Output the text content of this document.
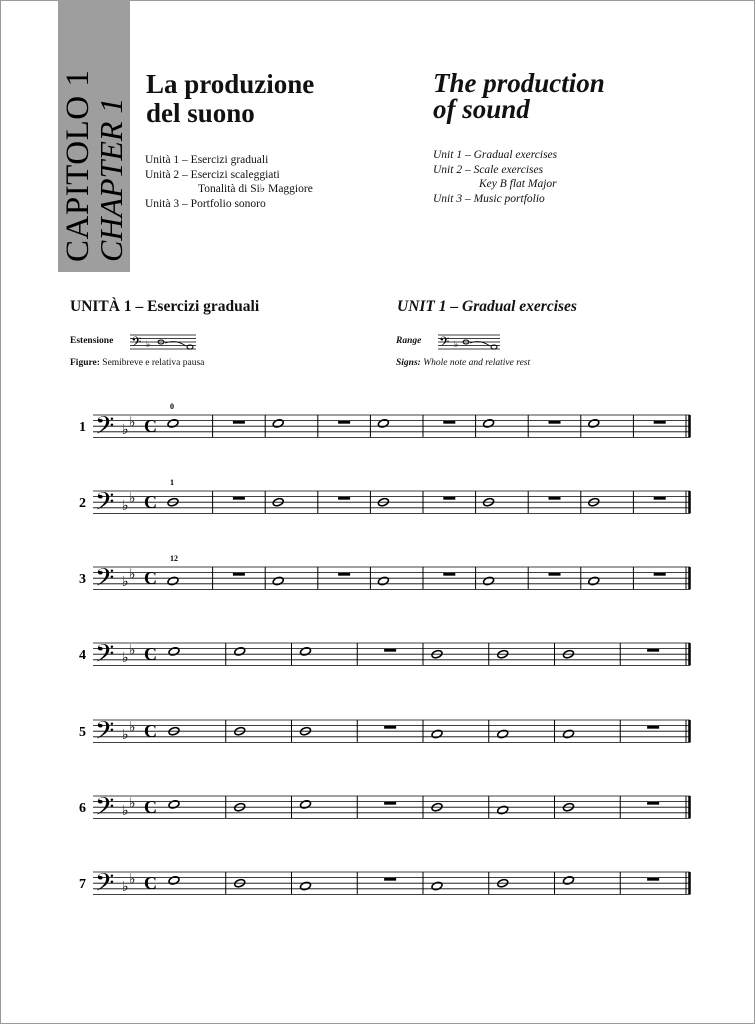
CAPITOLO 1
CHAPTER 1
La produzione
del suono
The production
of sound
Unità 1 – Esercizi graduali
Unità 2 – Esercizi scaleggiati
Tonalità di Si♭ Maggiore
Unità 3 – Portfolio sonoro
Unit 1 – Gradual exercises
Unit 2 – Scale exercises
Key B flat Major
Unit 3 – Music portfolio
UNITÀ 1 – Esercizi graduali	UNIT 1 – Gradual exercises
Estensione	Range
𝄢 ♭	𝄢 ♭
Figure: Semibreve e relativa pausa	Signs: Whole note and relative rest
1 𝄢 ♭ ♭ C
0
2 𝄢 ♭ ♭ C
1
3 𝄢 ♭ ♭ C
12
4 𝄢 ♭ ♭ C
5 𝄢 ♭ ♭ C
6 𝄢 ♭ ♭ C
7 𝄢 ♭ ♭ C
